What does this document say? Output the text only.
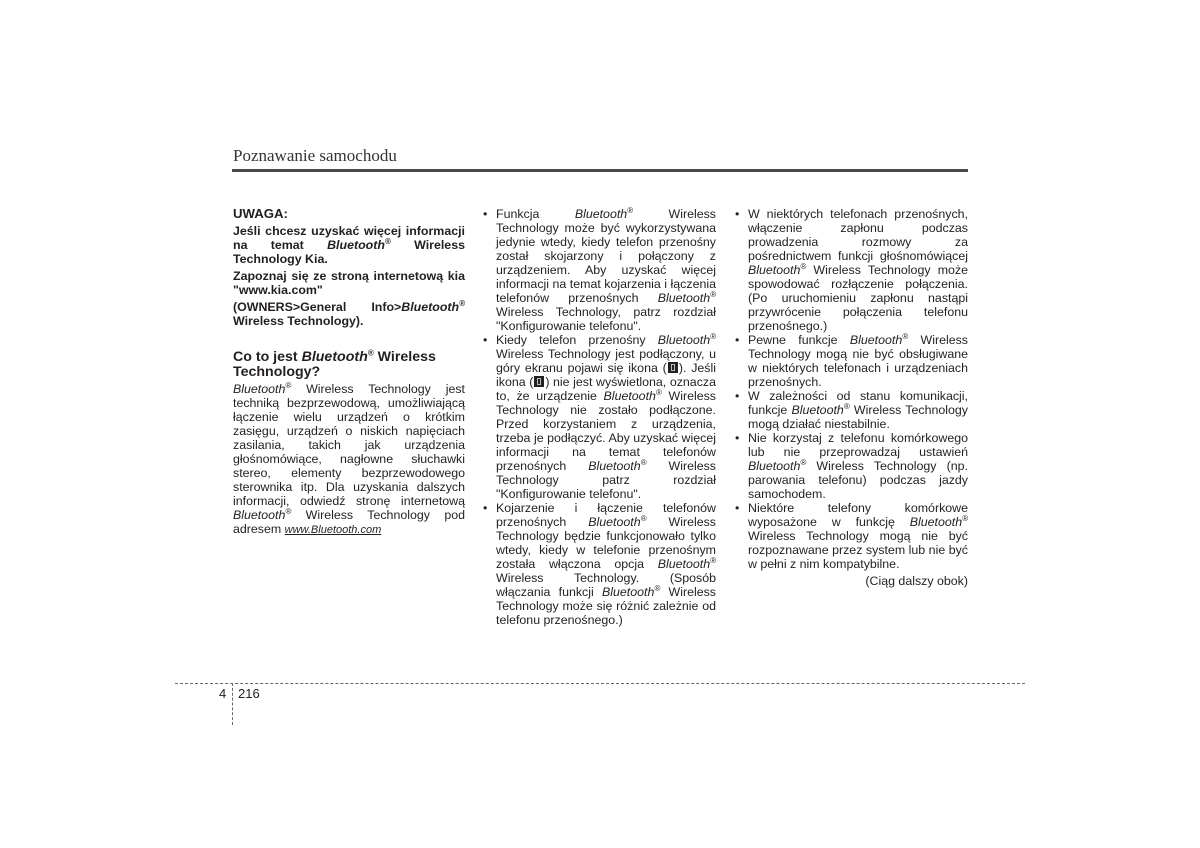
Poznawanie samochodu
UWAGA:

Jeśli chcesz uzyskać więcej informacji na temat Bluetooth® Wireless Technology Kia.

Zapoznaj się ze stroną internetową kia "www.kia.com"

(OWNERS>General Info>Bluetooth® Wireless Technology).

Co to jest Bluetooth® Wireless Technology?

Bluetooth® Wireless Technology jest techniką bezprzewodową, umożliwiającą łączenie wielu urządzeń o krótkim zasięgu, urządzeń o niskich napięciach zasilania, takich jak urządzenia głośnomówiące, nagłowne słuchawki stereo, elementy bezprzewodowego sterownika itp. Dla uzyskania dalszych informacji, odwiedź stronę internetową Bluetooth® Wireless Technology pod adresem www.Bluetooth.com

• Funkcja Bluetooth® Wireless Technology może być wykorzystywana jedynie wtedy, kiedy telefon przenośny został skojarzony i połączony z urządzeniem. Aby uzyskać więcej informacji na temat kojarzenia i łączenia telefonów przenośnych Bluetooth® Wireless Technology, patrz rozdział "Konfigurowanie telefonu".
• Kiedy telefon przenośny Bluetooth® Wireless Technology jest podłączony, u góry ekranu pojawi się ikona ( ). Jeśli ikona ( ) nie jest wyświetlona, oznacza to, że urządzenie Bluetooth® Wireless Technology nie zostało podłączone. Przed korzystaniem z urządzenia, trzeba je podłączyć. Aby uzyskać więcej informacji na temat telefonów przenośnych Bluetooth® Wireless Technology patrz rozdział "Konfigurowanie telefonu".
• Kojarzenie i łączenie telefonów przenośnych Bluetooth® Wireless Technology będzie funkcjonowało tylko wtedy, kiedy w telefonie przenośnym została włączona opcja Bluetooth® Wireless Technology. (Sposób włączania funkcji Bluetooth® Wireless Technology może się różnić zależnie od telefonu przenośnego.)
• W niektórych telefonach przenośnych, włączenie zapłonu podczas prowadzenia rozmowy za pośrednictwem funkcji głośnomówiącej Bluetooth® Wireless Technology może spowodować rozłączenie połączenia. (Po uruchomieniu zapłonu nastąpi przywrócenie połączenia telefonu przenośnego.)
• Pewne funkcje Bluetooth® Wireless Technology mogą nie być obsługiwane w niektórych telefonach i urządzeniach przenośnych.
• W zależności od stanu komunikacji, funkcje Bluetooth® Wireless Technology mogą działać niestabilnie.
• Nie korzystaj z telefonu komórkowego lub nie przeprowadzaj ustawień Bluetooth® Wireless Technology (np. parowania telefonu) podczas jazdy samochodem.
• Niektóre telefony komórkowe wyposażone w funkcję Bluetooth® Wireless Technology mogą nie być rozpoznawane przez system lub nie być w pełni z nim kompatybilne.
(Ciąg dalszy obok)
4 216
